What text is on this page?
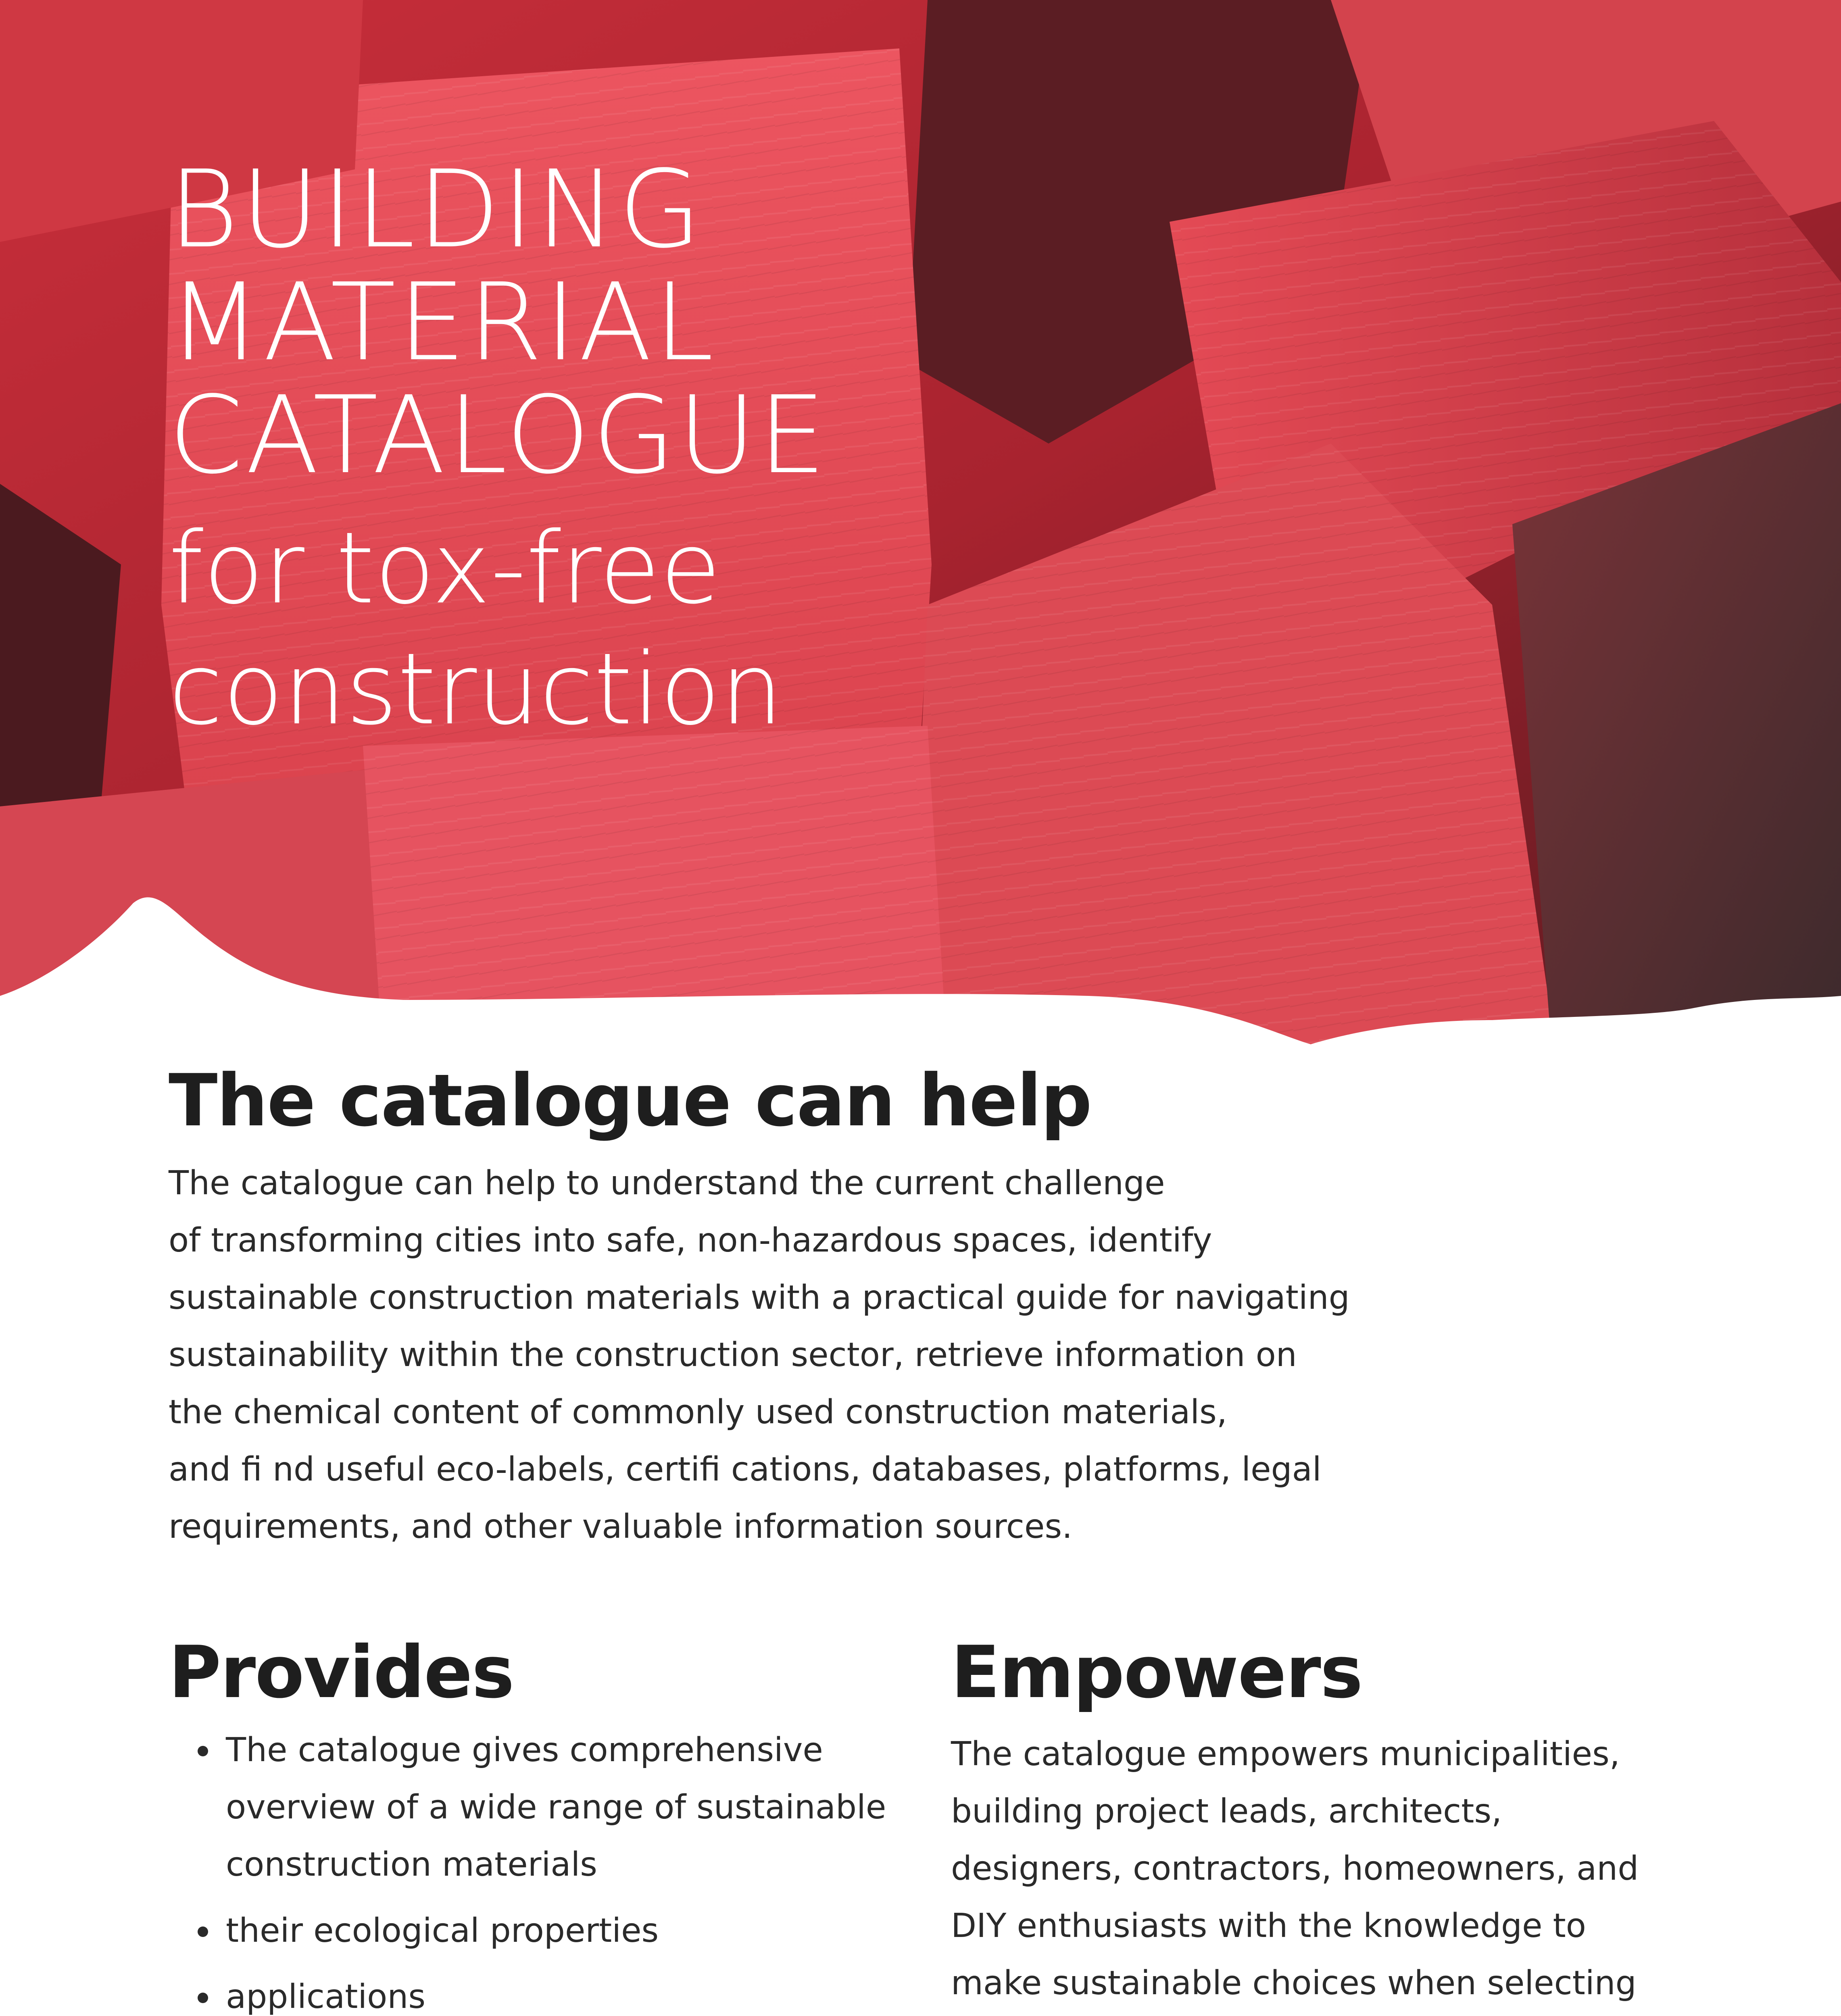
BUILDING
MATERIAL
CATALOGUE
for tox-free
construction
The catalogue can help
The catalogue can help to understand the current challenge
of transforming cities into safe, non-hazardous spaces, identify
sustainable construction materials with a practical guide for navigating
sustainability within the construction sector, retrieve information on
the chemical content of commonly used construction materials,
and fi nd useful eco-labels, certifi cations, databases, platforms, legal
requirements, and other valuable information sources.
Provides
The catalogue gives comprehensive overview of a wide range of sustainable construction materials
their ecological properties
applications
Empowers
The catalogue empowers municipalities,
building project leads, architects,
designers, contractors, homeowners, and
DIY enthusiasts with the knowledge to
make sustainable choices when selecting
